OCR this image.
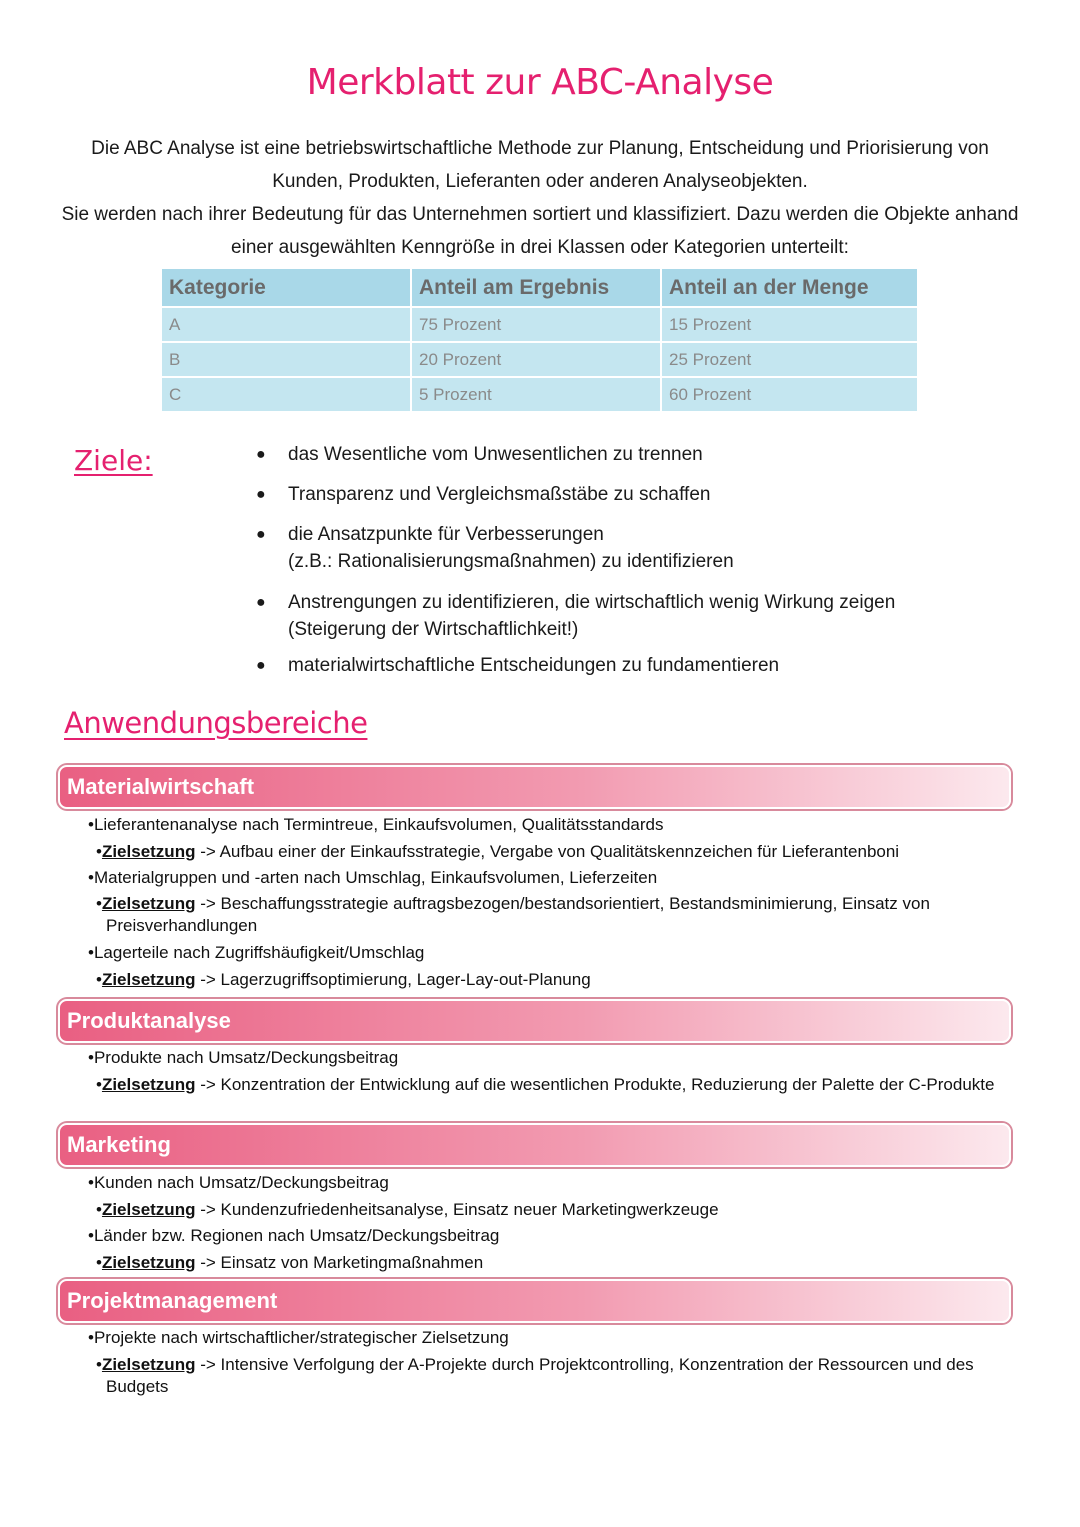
Merkblatt zur ABC-Analyse

Die ABC Analyse ist eine betriebswirtschaftliche Methode zur Planung, Entscheidung und Priorisierung von Kunden, Produkten, Lieferanten oder anderen Analyseobjekten.

Sie werden nach ihrer Bedeutung für das Unternehmen sortiert und klassifiziert. Dazu werden die Objekte anhand einer ausgewählten Kenngröße in drei Klassen oder Kategorien unterteilt:

Kategorie	Anteil am Ergebnis	Anteil an der Menge
A	75 Prozent	15 Prozent
B	20 Prozent	25 Prozent
C	5 Prozent	60 Prozent
Ziele:	● das Wesentliche vom Unwesentlichen zu trennen
● Transparenz und Vergleichsmaßstäbe zu schaffen
● die Ansatzpunkte für Verbesserungen
(z.B.: Rationalisierungsmaßnahmen) zu identifizieren
● Anstrengungen zu identifizieren, die wirtschaftlich wenig Wirkung zeigen
(Steigerung der Wirtschaftlichkeit!)
● materialwirtschaftliche Entscheidungen zu fundamentieren
Anwendungsbereiche
Materialwirtschaft
•Lieferantenanalyse nach Termintreue, Einkaufsvolumen, Qualitätsstandards
•Zielsetzung -> Aufbau einer der Einkaufsstrategie, Vergabe von Qualitätskennzeichen für Lieferantenboni
•Materialgruppen und -arten nach Umschlag, Einkaufsvolumen, Lieferzeiten
•Zielsetzung -> Beschaffungsstrategie auftragsbezogen/bestandsorientiert, Bestandsminimierung, Einsatz von Preisverhandlungen
•Lagerteile nach Zugriffshäufigkeit/Umschlag
•Zielsetzung -> Lagerzugriffsoptimierung, Lager-Lay-out-Planung
Produktanalyse
•Produkte nach Umsatz/Deckungsbeitrag
•Zielsetzung -> Konzentration der Entwicklung auf die wesentlichen Produkte, Reduzierung der Palette der C-Produkte
Marketing
•Kunden nach Umsatz/Deckungsbeitrag
•Zielsetzung -> Kundenzufriedenheitsanalyse, Einsatz neuer Marketingwerkzeuge
•Länder bzw. Regionen nach Umsatz/Deckungsbeitrag
•Zielsetzung -> Einsatz von Marketingmaßnahmen
Projektmanagement
•Projekte nach wirtschaftlicher/strategischer Zielsetzung
•Zielsetzung -> Intensive Verfolgung der A-Projekte durch Projektcontrolling, Konzentration der Ressourcen und des Budgets
